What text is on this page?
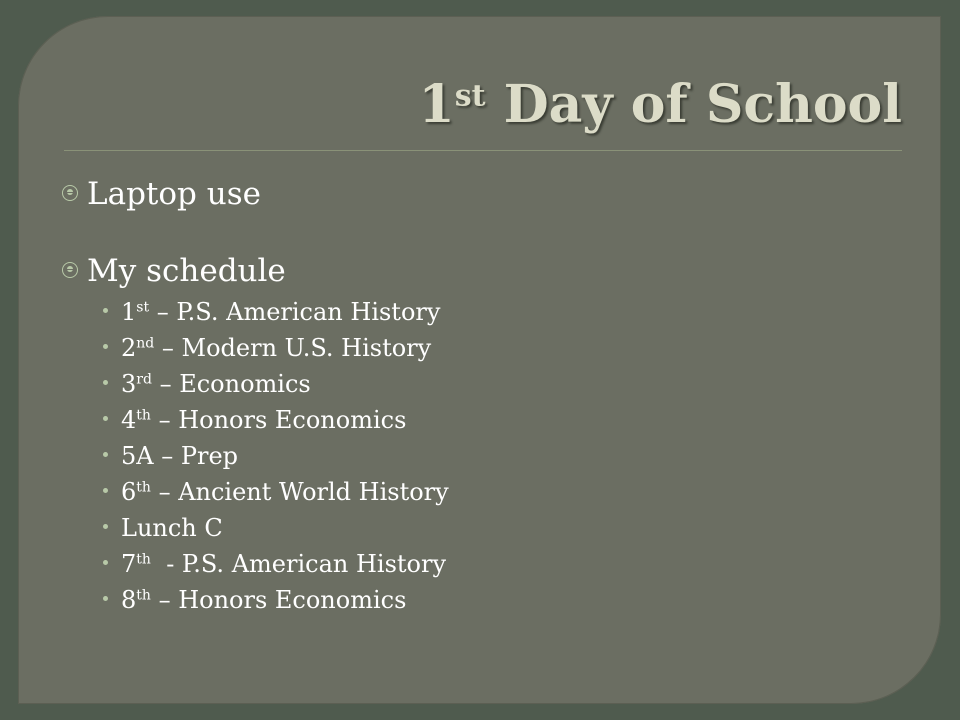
1st Day of School
Laptop use
My schedule
1st – P.S. American History
2nd – Modern U.S. History
3rd – Economics
4th – Honors Economics
5A – Prep
6th – Ancient World History
Lunch C
7th  - P.S. American History
8th – Honors Economics
